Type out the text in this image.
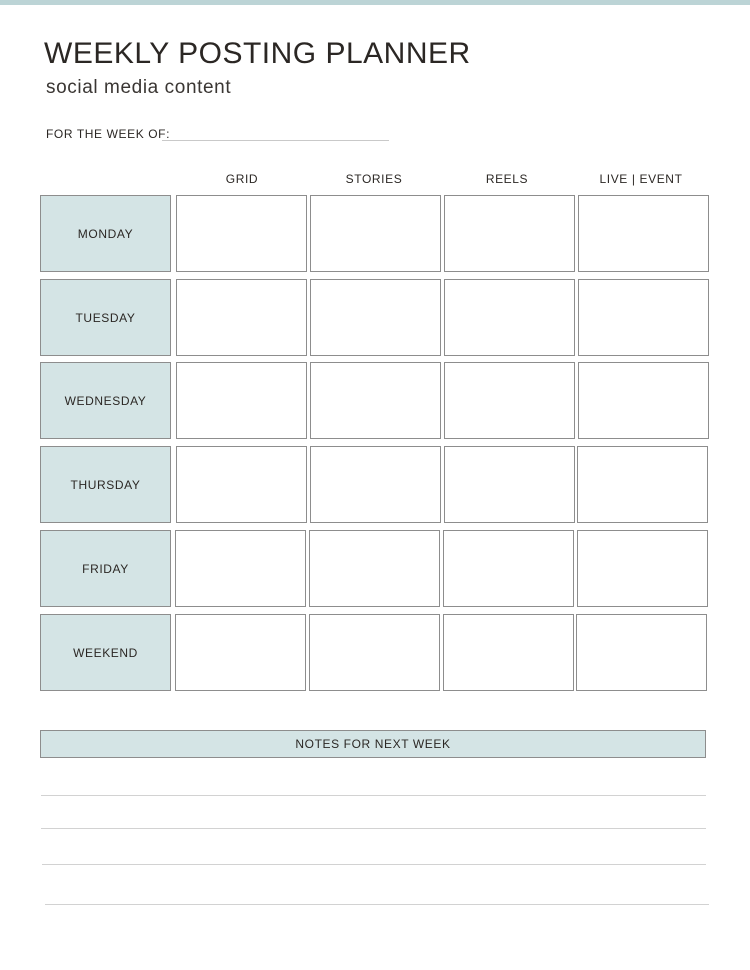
WEEKLY POSTING PLANNER
social media content
FOR THE WEEK OF:
GRID	STORIES	REELS	LIVE | EVENT
MONDAY
TUESDAY
WEDNESDAY
THURSDAY
FRIDAY
WEEKEND
NOTES FOR NEXT WEEK
